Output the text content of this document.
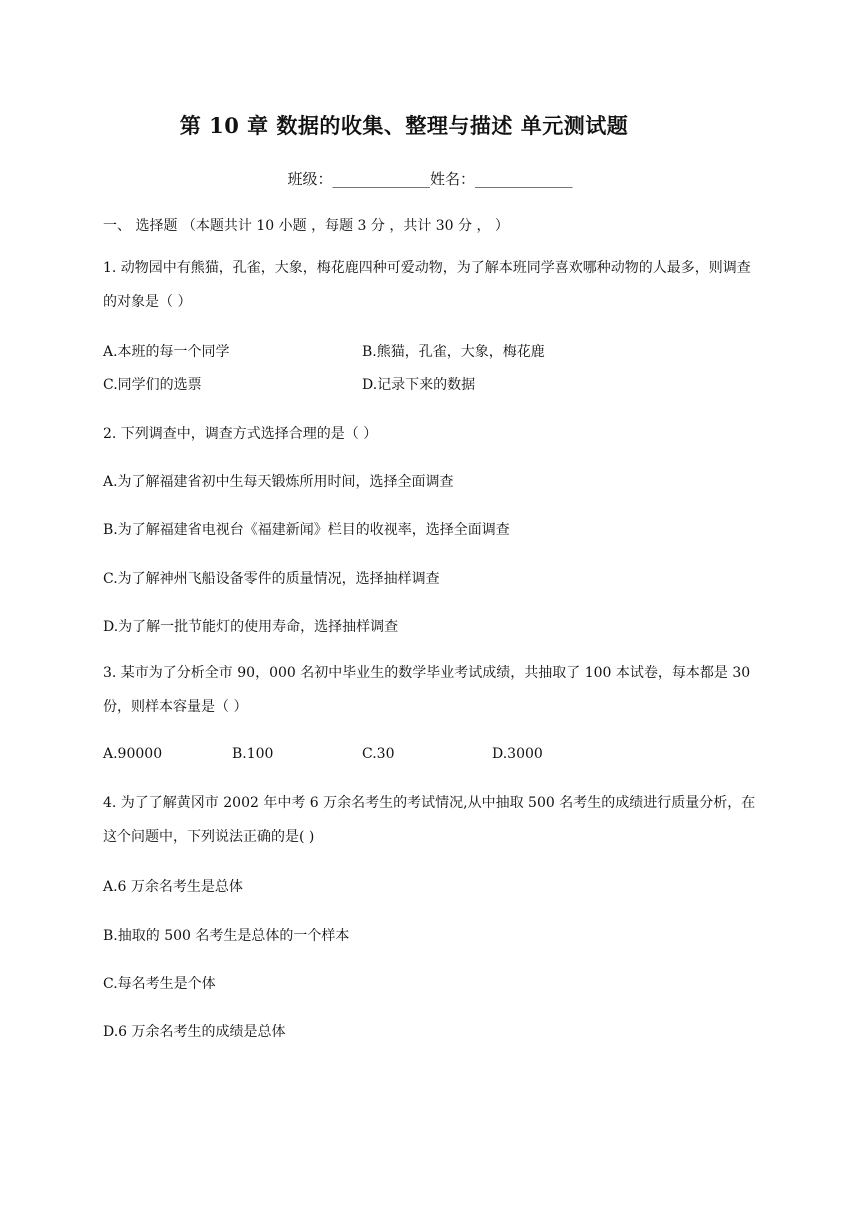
第 10 章 数据的收集、整理与描述 单元测试题
班级：_____________姓名：_____________
一、 选择题 （本题共计 10 小题 ，每题 3 分 ，共计 30 分 ， ）
1. 动物园中有熊猫，孔雀，大象，梅花鹿四种可爱动物，为了解本班同学喜欢哪种动物的人最多，则调查的对象是（ ）
A.本班的每一个同学	B.熊猫，孔雀，大象，梅花鹿
C.同学们的选票	D.记录下来的数据
2. 下列调查中，调查方式选择合理的是（ ）
A.为了解福建省初中生每天锻炼所用时间，选择全面调查
B.为了解福建省电视台《福建新闻》栏目的收视率，选择全面调查
C.为了解神州飞船设备零件的质量情况，选择抽样调查
D.为了解一批节能灯的使用寿命，选择抽样调查
3. 某市为了分析全市 90，000 名初中毕业生的数学毕业考试成绩，共抽取了 100 本试卷，每本都是 30 份，则样本容量是（ ）
A.90000	B.100	C.30	D.3000
4. 为了了解黄冈市 2002 年中考 6 万余名考生的考试情况,从中抽取 500 名考生的成绩进行质量分析，在这个问题中，下列说法正确的是( )
A.6 万余名考生是总体
B.抽取的 500 名考生是总体的一个样本
C.每名考生是个体
D.6 万余名考生的成绩是总体
